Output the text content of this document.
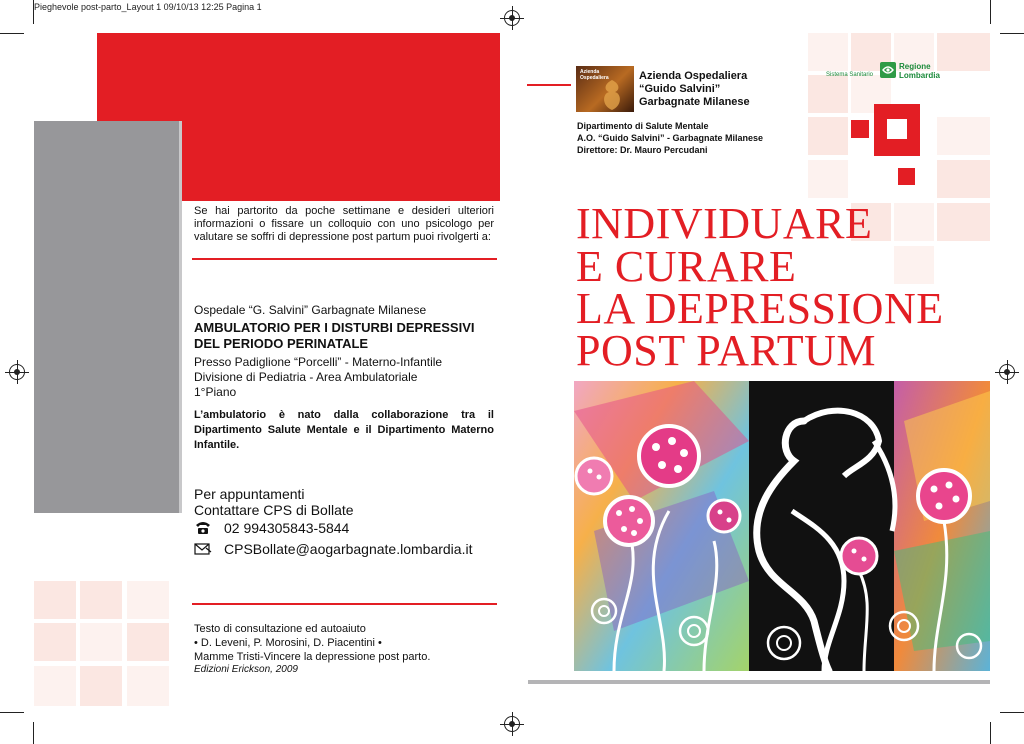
Pieghevole post-parto_Layout 1 09/10/13 12:25 Pagina 1
Se hai partorito da poche settimane e desideri ulteriori informazioni o fissare un colloquio con uno psicologo per valutare se soffri di depressione post partum puoi rivolgerti a:
Ospedale “G. Salvini” Garbagnate Milanese
AMBULATORIO PER I DISTURBI DEPRESSIVI
DEL PERIODO PERINATALE
Presso Padiglione “Porcelli” - Materno-Infantile
Divisione di Pediatria - Area Ambulatoriale
1°Piano
L’ambulatorio è nato dalla collaborazione tra il Dipartimento Salute Mentale e il Dipartimento Materno Infantile.
Per appuntamenti
Contattare CPS di Bollate
02 994305843-5844
CPSBollate@aogarbagnate.lombardia.it
Testo di consultazione ed autoaiuto
• D. Leveni, P. Morosini, D. Piacentini •
Mamme Tristi-Vincere la depressione post parto.
Edizioni Erickson, 2009
Azienda
Ospedaliera	Azienda Ospedaliera
“Guido Salvini”
Garbagnate Milanese
Sistema Sanitario
Regione
Lombardia
Dipartimento di Salute Mentale
A.O. “Guido Salvini” - Garbagnate Milanese
Direttore: Dr. Mauro Percudani
INDIVIDUARE
E CURARE
LA DEPRESSIONE
POST PARTUM
